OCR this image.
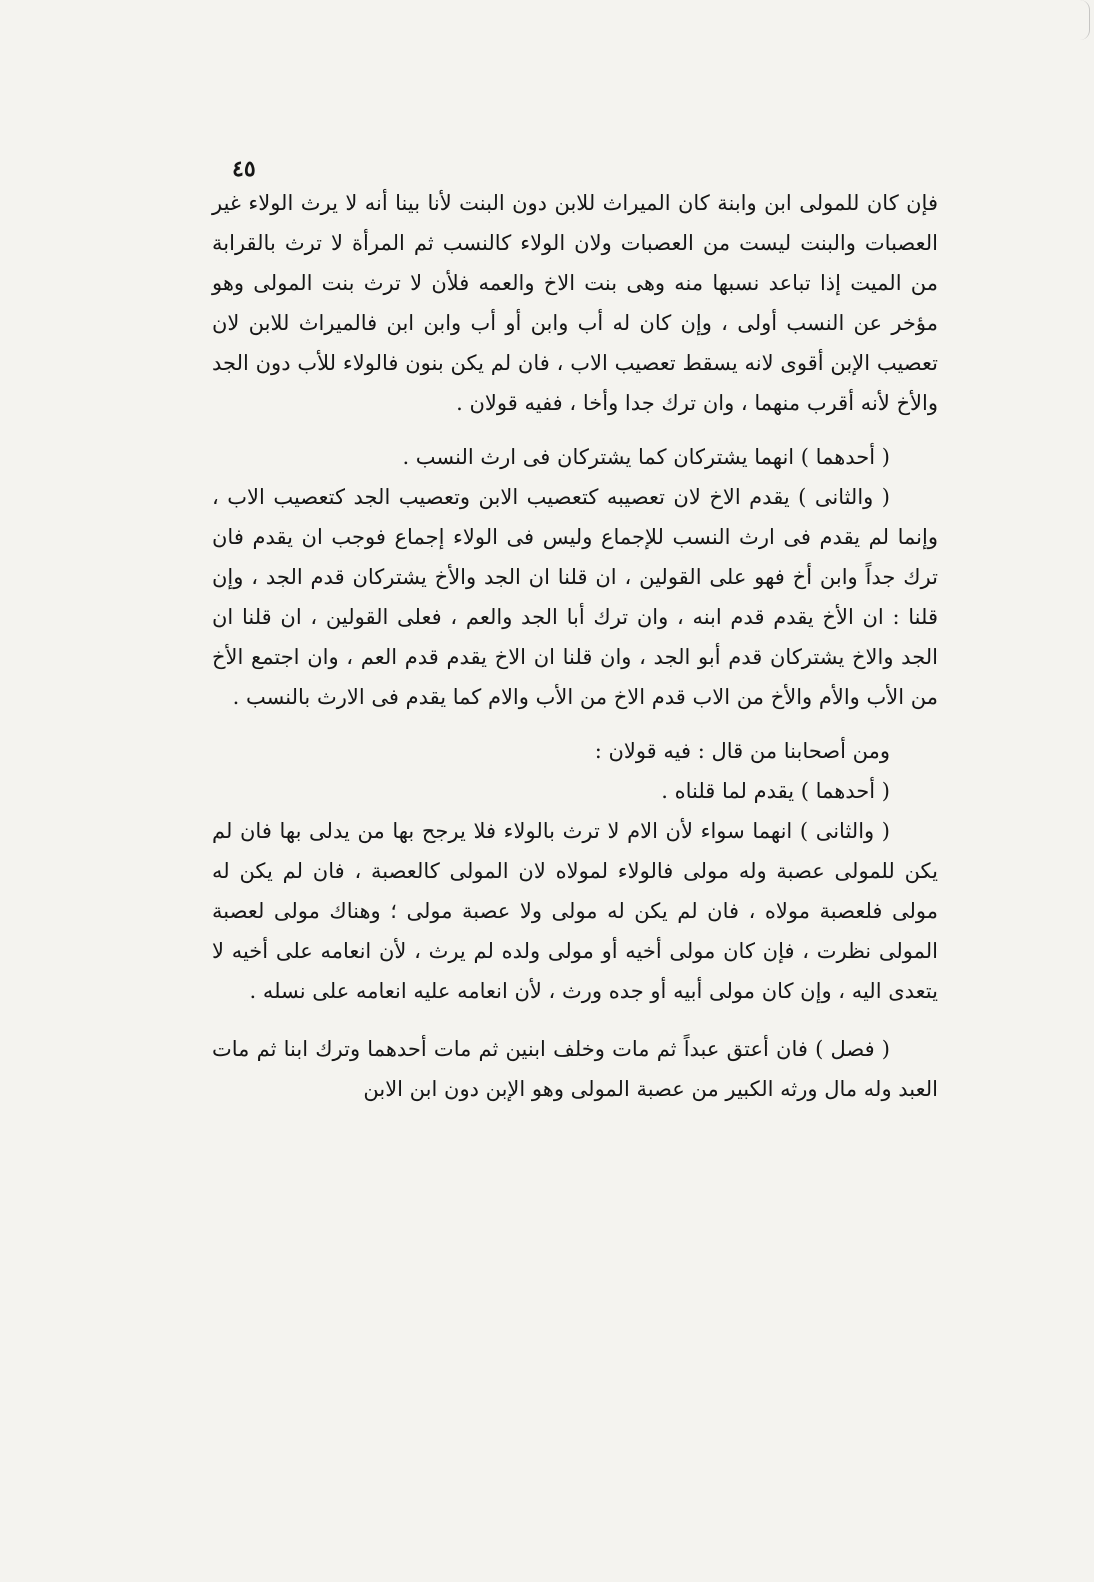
٤٥

فإن كان للمولى ابن وابنة كان الميراث للابن دون البنت لأنا بينا أنه لا يرث الولاء غير العصبات والبنت ليست من العصبات ولان الولاء كالنسب ثم المرأة لا ترث بالقرابة من الميت إذا تباعد نسبها منه وهى بنت الاخ والعمه فلأن لا ترث بنت المولى وهو مؤخر عن النسب أولى ، وإن كان له أب وابن أو أب وابن ابن فالميراث للابن لان تعصيب الإبن أقوى لانه يسقط تعصيب الاب ، فان لم يكن بنون فالولاء للأب دون الجد والأخ لأنه أقرب منهما ، وان ترك جدا وأخا ، ففيه قولان .

( أحدهما ) انهما يشتركان كما يشتركان فى ارث النسب .

( والثانى ) يقدم الاخ لان تعصيبه كتعصيب الابن وتعصيب الجد كتعصيب الاب ، وإنما لم يقدم فى ارث النسب للإجماع وليس فى الولاء إجماع فوجب ان يقدم فان ترك جداً وابن أخ فهو على القولين ، ان قلنا ان الجد والأخ يشتركان قدم الجد ، وإن قلنا : ان الأخ يقدم قدم ابنه ، وان ترك أبا الجد والعم ، فعلى القولين ، ان قلنا ان الجد والاخ يشتركان قدم أبو الجد ، وان قلنا ان الاخ يقدم قدم العم ، وان اجتمع الأخ من الأب والأم والأخ من الاب قدم الاخ من الأب والام كما يقدم فى الارث بالنسب .

ومن أصحابنا من قال : فيه قولان :

( أحدهما ) يقدم لما قلناه .

( والثانى ) انهما سواء لأن الام لا ترث بالولاء فلا يرجح بها من يدلى بها فان لم يكن للمولى عصبة وله مولى فالولاء لمولاه لان المولى كالعصبة ، فان لم يكن له مولى فلعصبة مولاه ، فان لم يكن له مولى ولا عصبة مولى ؛ وهناك مولى لعصبة المولى نظرت ، فإن كان مولى أخيه أو مولى ولده لم يرث ، لأن انعامه على أخيه لا يتعدى اليه ، وإن كان مولى أبيه أو جده ورث ، لأن انعامه عليه انعامه على نسله .

( فصل ) فان أعتق عبداً ثم مات وخلف ابنين ثم مات أحدهما وترك ابنا ثم مات العبد وله مال ورثه الكبير من عصبة المولى وهو الإبن دون ابن الابن
